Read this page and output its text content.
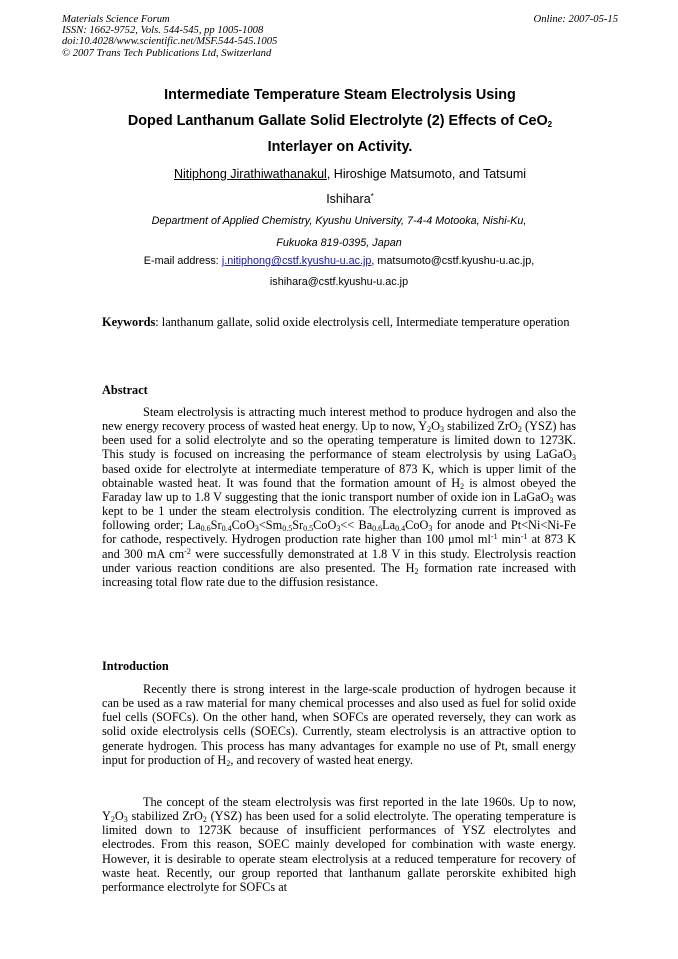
Materials Science Forum	Online: 2007-05-15
ISSN: 1662-9752, Vols. 544-545, pp 1005-1008
doi:10.4028/www.scientific.net/MSF.544-545.1005
© 2007 Trans Tech Publications Ltd, Switzerland
Intermediate Temperature Steam Electrolysis Using
Doped Lanthanum Gallate Solid Electrolyte (2) Effects of CeO$_2$
Interlayer on Activity.
Nitiphong Jirathiwathanakul, Hiroshige Matsumoto, and Tatsumi Ishihara*
Department of Applied Chemistry, Kyushu University, 7-4-4 Motooka, Nishi-Ku,
Fukuoka 819-0395, Japan
E-mail address: j.nitiphong@cstf.kyushu-u.ac.jp, matsumoto@cstf.kyushu-u.ac.jp,
ishihara@cstf.kyushu-u.ac.jp
Keywords: lanthanum gallate, solid oxide electrolysis cell, Intermediate temperature operation
Abstract
Steam electrolysis is attracting much interest method to produce hydrogen and also the new energy recovery process of wasted heat energy. Up to now, $Y_2O_3$ stabilized ZrO$_2$ (YSZ) has been used for a solid electrolyte and so the operating temperature is limited down to 1273K. This study is focused on increasing the performance of steam electrolysis by using LaGaO$_3$ based oxide for electrolyte at intermediate temperature of 873 K, which is upper limit of the obtainable wasted heat. It was found that the formation amount of $H_2$ is almost obeyed the Faraday law up to 1.8 V suggesting that the ionic transport number of oxide ion in LaGaO$_3$ was kept to be 1 under the steam electrolysis condition. The electrolyzing current is improved as following order; $La_{0.6}Sr_{0.4}CoO_3<Sm_{0.5}Sr_{0.5}CoO_3<< Ba_{0.6}La_{0.4}CoO_3$ for anode and Pt<Ni<Ni-Fe for cathode, respectively. Hydrogen production rate higher than 100 μmol $ml^{-1}$ $\min^{-1}$ at 873 K and 300 mA $cm^{-2}$ were successfully demonstrated at 1.8 V in this study. Electrolysis reaction under various reaction conditions are also presented. The $H_2$ formation rate increased with increasing total flow rate due to the diffusion resistance.
Introduction
Recently there is strong interest in the large-scale production of hydrogen because it can be used as a raw material for many chemical processes and also used as fuel for solid oxide fuel cells (SOFCs). On the other hand, when SOFCs are operated reversely, they can work as solid oxide electrolysis cells (SOECs). Currently, steam electrolysis is an attractive option to generate hydrogen. This process has many advantages for example no use of Pt, small energy input for production of $H_2$, and recovery of wasted heat energy.
The concept of the steam electrolysis was first reported in the late 1960s. Up to now, $Y_2O_3$ stabilized ZrO$_2$ (YSZ) has been used for a solid electrolyte. The operating temperature is limited down to 1273K because of insufficient performances of YSZ electrolytes and electrodes. From this reason, SOEC mainly developed for combination with waste energy. However, it is desirable to operate steam electrolysis at a reduced temperature for recovery of waste heat. Recently, our group reported that lanthanum gallate perorskite exhibited high performance electrolyte for SOFCs at
